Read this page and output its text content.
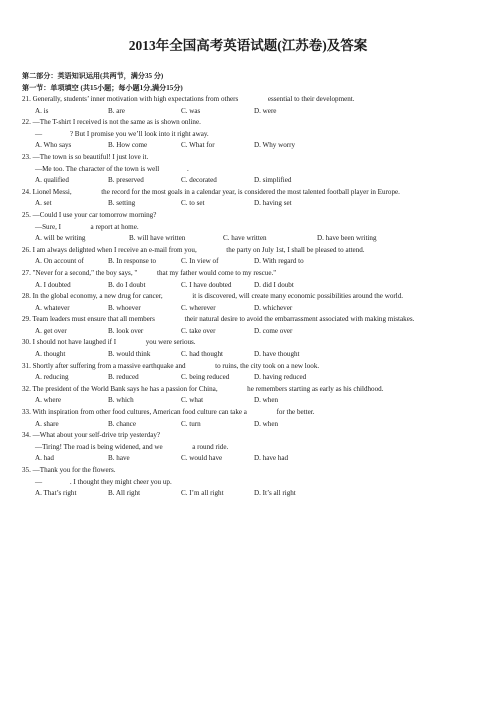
2013年全国高考英语试题(江苏卷)及答案
第二部分：英语知识运用(共两节，满分35 分)
第一节：单项填空 (共15小题；每小题1分,满分15分)
21. Generally, students’ inner motivation with high expectations from others	essential to their development.
A. is	B. are	C. was	D. were
22. —The T-shirt I received is not the same as is shown online.
—	? But I promise you we’ll look into it right away.
A. Who says	B. How come	C. What for	D. Why worry
23. —The town is so beautiful! I just love it.
—Me too. The character of the town is well	.
A. qualified	B. preserved	C. decorated	D. simplified
24. Lionel Messi,	the record for the most goals in a calendar year, is considered the most talented football player in Europe.
A. set	B. setting	C. to set	D. having set
25. —Could I use your car tomorrow morning?
—Sure, I	a report at home.
A. will be writing	B. will have written	C. have written	D. have been writing
26. I am always delighted when I receive an e-mail from you,	the party on July 1st, I shall be pleased to attend.
A. On account of	B. In response to	C. In view of	D. With regard to
27. "Never for a second," the boy says, "	that my father would come to my rescue."
A. I doubted	B. do I doubt	C. I have doubted	D. did I doubt
28. In the global economy, a new drug for cancer,	it is discovered, will create many economic possibilities around the world.
A. whatever	B. whoever	C. wherever	D. whichever
29. Team leaders must ensure that all members	their natural desire to avoid the embarrassment associated with making mistakes.
A. get over	B. look over	C. take over	D. come over
30. I should not have laughed if I	you were serious.
A. thought	B. would think	C. had thought	D. have thought
31. Shortly after suffering from a massive earthquake and	to ruins, the city took on a new look.
A. reducing	B. reduced	C. being reduced	D. having reduced
32. The president of the World Bank says he has a passion for China,	he remembers starting as early as his childhood.
A. where	B. which	C. what	D. when
33. With inspiration from other food cultures, American food culture can take a	for the better.
A. share	B. chance	C. turn	D. when
34. —What about your self-drive trip yesterday?
—Tiring! The road is being widened, and we	a round ride.
A. had	B. have	C. would have	D. have had
35. —Thank you for the flowers.
—	. I thought they might cheer you up.
A. That’s right	B. All right	C. I’m all right	D. It’s all right
